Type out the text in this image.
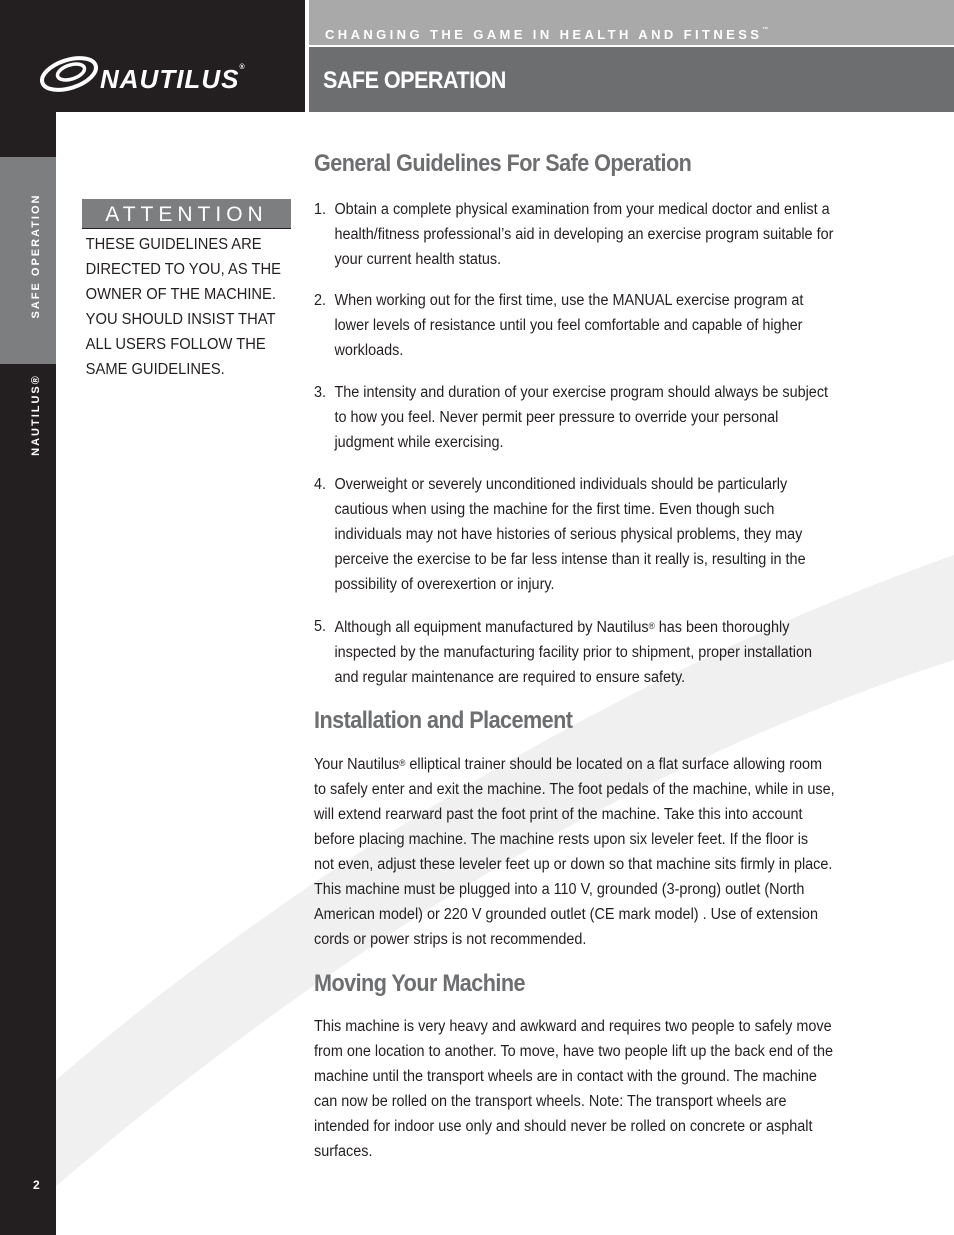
NAUTILUS®
CHANGING THE GAME IN HEALTH AND FITNESS™
SAFE OPERATION
SAFE OPERATION
NAUTILUS®
2
ATTENTION
THESE GUIDELINES ARE
DIRECTED TO YOU, AS THE
OWNER OF THE MACHINE.
YOU SHOULD INSIST THAT
ALL USERS FOLLOW THE
SAME GUIDELINES.
General Guidelines For Safe Operation
1. Obtain a complete physical examination from your medical doctor and enlist a
health/fitness professional’s aid in developing an exercise program suitable for
your current health status.
2. When working out for the first time, use the MANUAL exercise program at
lower levels of resistance until you feel comfortable and capable of higher
workloads.
3. The intensity and duration of your exercise program should always be subject
to how you feel. Never permit peer pressure to override your personal
judgment while exercising.
4. Overweight or severely unconditioned individuals should be particularly
cautious when using the machine for the first time. Even though such
individuals may not have histories of serious physical problems, they may
perceive the exercise to be far less intense than it really is, resulting in the
possibility of overexertion or injury.
5. Although all equipment manufactured by Nautilus® has been thoroughly
inspected by the manufacturing facility prior to shipment, proper installation
and regular maintenance are required to ensure safety.
Installation and Placement
Your Nautilus® elliptical trainer should be located on a flat surface allowing room
to safely enter and exit the machine. The foot pedals of the machine, while in use,
will extend rearward past the foot print of the machine. Take this into account
before placing machine. The machine rests upon six leveler feet. If the floor is
not even, adjust these leveler feet up or down so that machine sits firmly in place.
This machine must be plugged into a 110 V, grounded (3-prong) outlet (North
American model) or 220 V grounded outlet (CE mark model) . Use of extension
cords or power strips is not recommended.
Moving Your Machine
This machine is very heavy and awkward and requires two people to safely move
from one location to another. To move, have two people lift up the back end of the
machine until the transport wheels are in contact with the ground. The machine
can now be rolled on the transport wheels. Note: The transport wheels are
intended for indoor use only and should never be rolled on concrete or asphalt
surfaces.
